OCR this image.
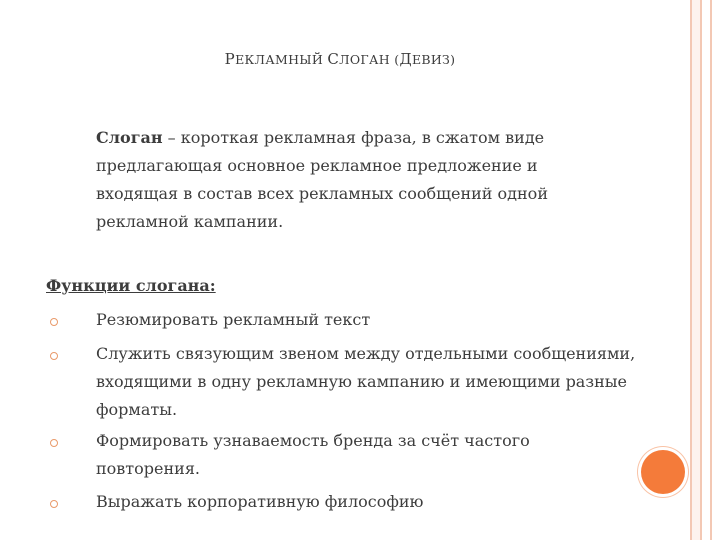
РЕКЛАМНЫЙ СЛОГАН (ДЕВИЗ)
Слоган – короткая рекламная фраза, в сжатом виде предлагающая основное рекламное предложение и входящая в состав всех рекламных сообщений одной рекламной кампании.
Функции слогана:
Резюмировать рекламный текст
Служить связующим звеном между отдельными сообщениями, входящими в одну рекламную кампанию и имеющими разные форматы.
Формировать узнаваемость бренда за счёт частого повторения.
Выражать корпоративную философию
